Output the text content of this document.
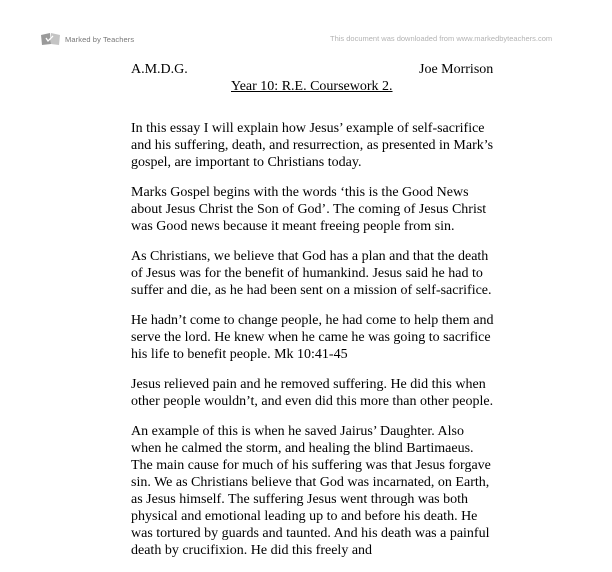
Marked by Teachers	This document was downloaded from www.markedbyteachers.com
A.M.D.G.	Joe Morrison
Year 10: R.E. Coursework 2.

In this essay I will explain how Jesus’ example of self-sacrifice
and his suffering, death, and resurrection, as presented in Mark’s
gospel, are important to Christians today.

Marks Gospel begins with the words ‘this is the Good News
about Jesus Christ the Son of God’. The coming of Jesus Christ
was Good news because it meant freeing people from sin.

As Christians, we believe that God has a plan and that the death
of Jesus was for the benefit of humankind. Jesus said he had to
suffer and die, as he had been sent on a mission of self-sacrifice.

He hadn’t come to change people, he had come to help them and
serve the lord. He knew when he came he was going to sacrifice
his life to benefit people. Mk 10:41-45

Jesus relieved pain and he removed suffering. He did this when
other people wouldn’t, and even did this more than other people.

An example of this is when he saved Jairus’ Daughter. Also
when he calmed the storm, and healing the blind Bartimaeus.
The main cause for much of his suffering was that Jesus forgave
sin. We as Christians believe that God was incarnated, on Earth,
as Jesus himself. The suffering Jesus went through was both
physical and emotional leading up to and before his death. He
was tortured by guards and taunted. And his death was a painful
death by crucifixion. He did this freely and
